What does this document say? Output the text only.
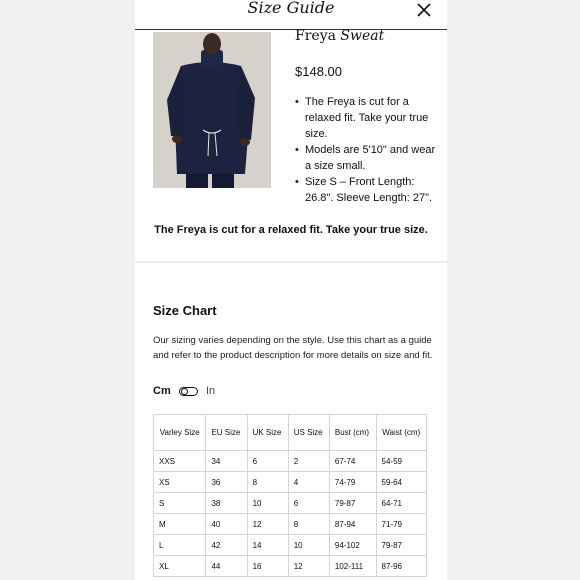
Size Guide
Freya Sweat
$148.00
• The Freya is cut for a relaxed fit. Take your true size.
• Models are 5'10" and wear a size small.
• Size S – Front Length: 26.8". Sleeve Length: 27".
The Freya is cut for a relaxed fit. Take your true size.
Size Chart
Our sizing varies depending on the style. Use this chart as a guide and refer to the product description for more details on size and fit.
Cm	In
Varley Size	EU Size	UK Size	US Size	Bust (cm)	Waist (cm)
XXS	34	6	2	67-74	54-59
XS	36	8	4	74-79	59-64
S	38	10	6	79-87	64-71
M	40	12	8	87-94	71-79
L	42	14	10	94-102	79-87
XL	44	16	12	102-111	87-96
